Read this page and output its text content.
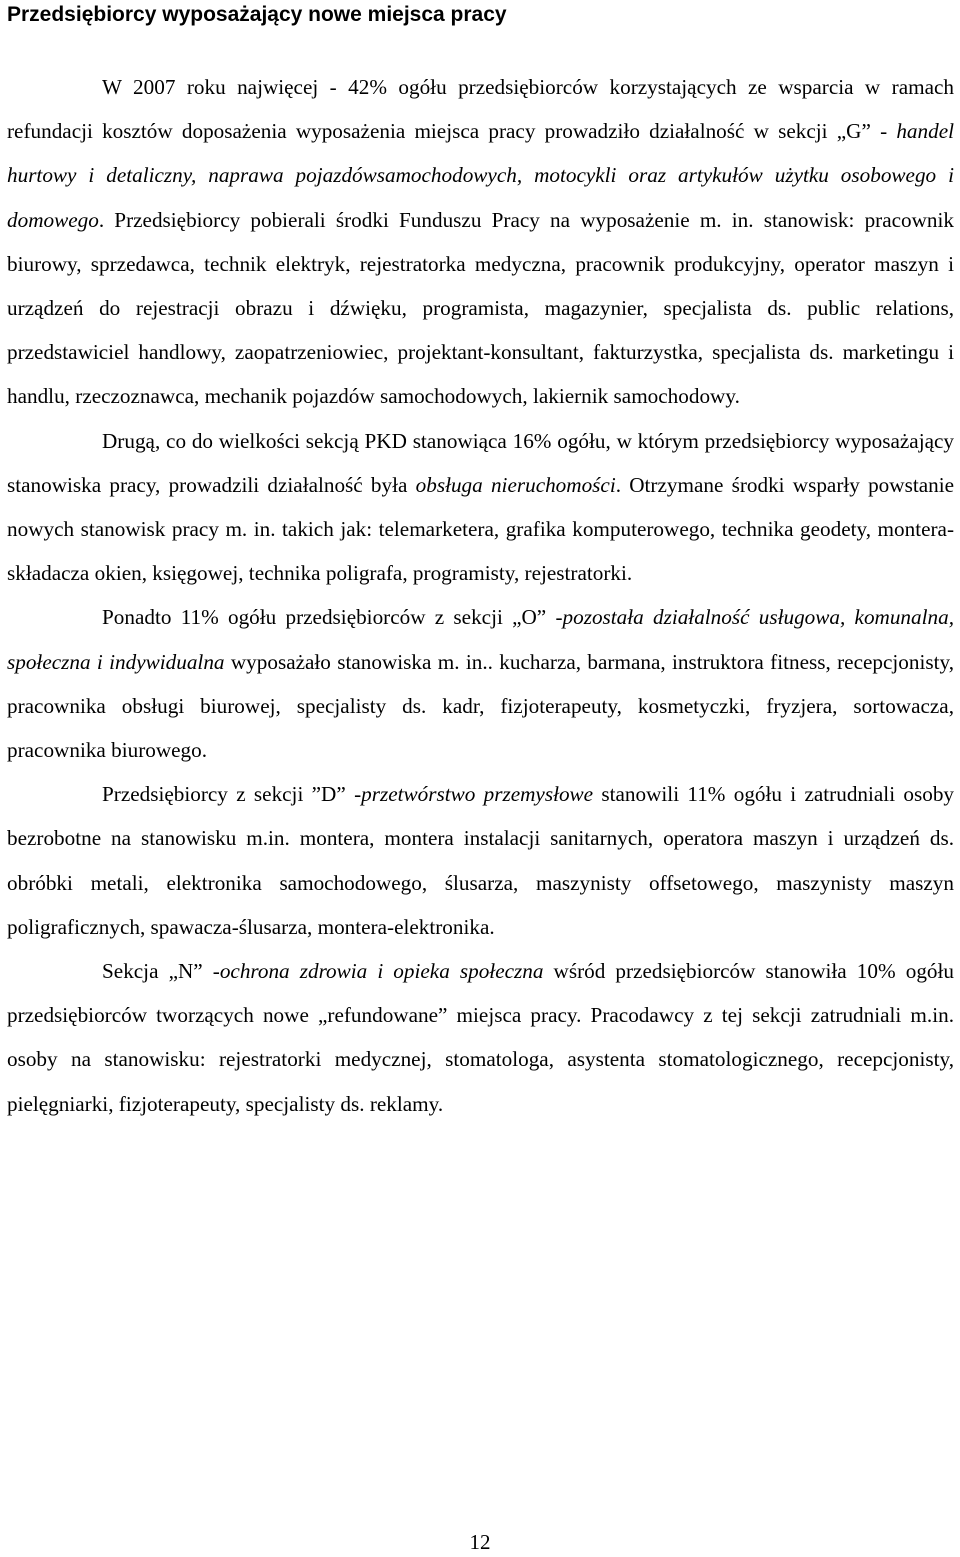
Przedsiębiorcy wyposażający nowe miejsca pracy

W 2007 roku najwięcej - 42% ogółu przedsiębiorców korzystających ze wsparcia w ramach refundacji kosztów doposażenia wyposażenia miejsca pracy prowadziło działalność w sekcji „G” - handel hurtowy i detaliczny, naprawa pojazdówsamochodowych, motocykli oraz artykułów użytku osobowego i domowego. Przedsiębiorcy pobierali środki Funduszu Pracy na wyposażenie m. in. stanowisk: pracownik biurowy, sprzedawca, technik elektryk, rejestratorka medyczna, pracownik produkcyjny, operator maszyn i urządzeń do rejestracji obrazu i dźwięku, programista, magazynier, specjalista ds. public relations, przedstawiciel handlowy, zaopatrzeniowiec, projektant-konsultant, fakturzystka, specjalista ds. marketingu i handlu, rzeczoznawca, mechanik pojazdów samochodowych, lakiernik samochodowy.

Drugą, co do wielkości sekcją PKD stanowiąca 16% ogółu, w którym przedsiębiorcy wyposażający stanowiska pracy, prowadzili działalność była obsługa nieruchomości. Otrzymane środki wsparły powstanie nowych stanowisk pracy m. in. takich jak: telemarketera, grafika komputerowego, technika geodety, montera-składacza okien, księgowej, technika poligrafa, programisty, rejestratorki.

Ponadto 11% ogółu przedsiębiorców z sekcji „O” -pozostała działalność usługowa, komunalna, społeczna i indywidualna wyposażało stanowiska m. in.. kucharza, barmana, instruktora fitness, recepcjonisty, pracownika obsługi biurowej, specjalisty ds. kadr, fizjoterapeuty, kosmetyczki, fryzjera, sortowacza, pracownika biurowego.

Przedsiębiorcy z sekcji ”D” -przetwórstwo przemysłowe stanowili 11% ogółu i zatrudniali osoby bezrobotne na stanowisku m.in. montera, montera instalacji sanitarnych, operatora maszyn i urządzeń ds. obróbki metali, elektronika samochodowego, ślusarza, maszynisty offsetowego, maszynisty maszyn poligraficznych, spawacza-ślusarza, montera-elektronika.

Sekcja „N” -ochrona zdrowia i opieka społeczna wśród przedsiębiorców stanowiła 10% ogółu przedsiębiorców tworzących nowe „refundowane” miejsca pracy. Pracodawcy z tej sekcji zatrudniali m.in. osoby na stanowisku: rejestratorki medycznej, stomatologa, asystenta stomatologicznego, recepcjonisty, pielęgniarki, fizjoterapeuty, specjalisty ds. reklamy.

12
